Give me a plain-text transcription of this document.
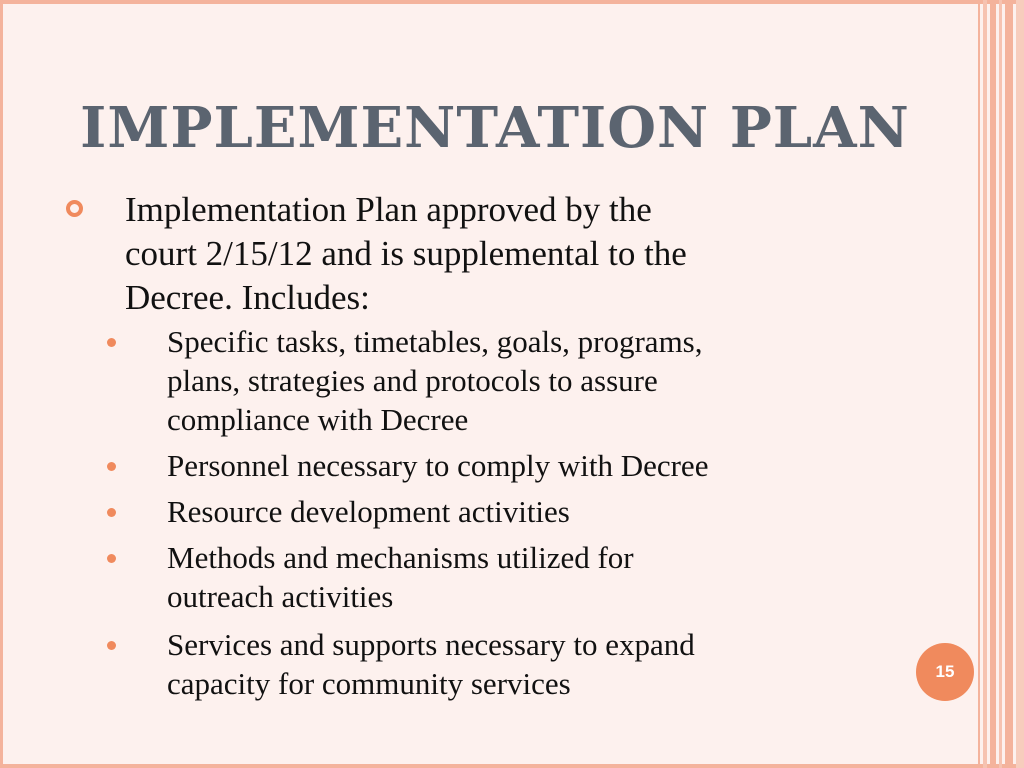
IMPLEMENTATION PLAN
Implementation Plan approved by the
court 2/15/12 and is supplemental to the
Decree. Includes:
Specific tasks, timetables, goals, programs,
plans, strategies and protocols to assure
compliance with Decree
Personnel necessary to comply with Decree
Resource development activities
Methods and mechanisms utilized for
outreach activities
Services and supports necessary to expand
capacity for community services	15
